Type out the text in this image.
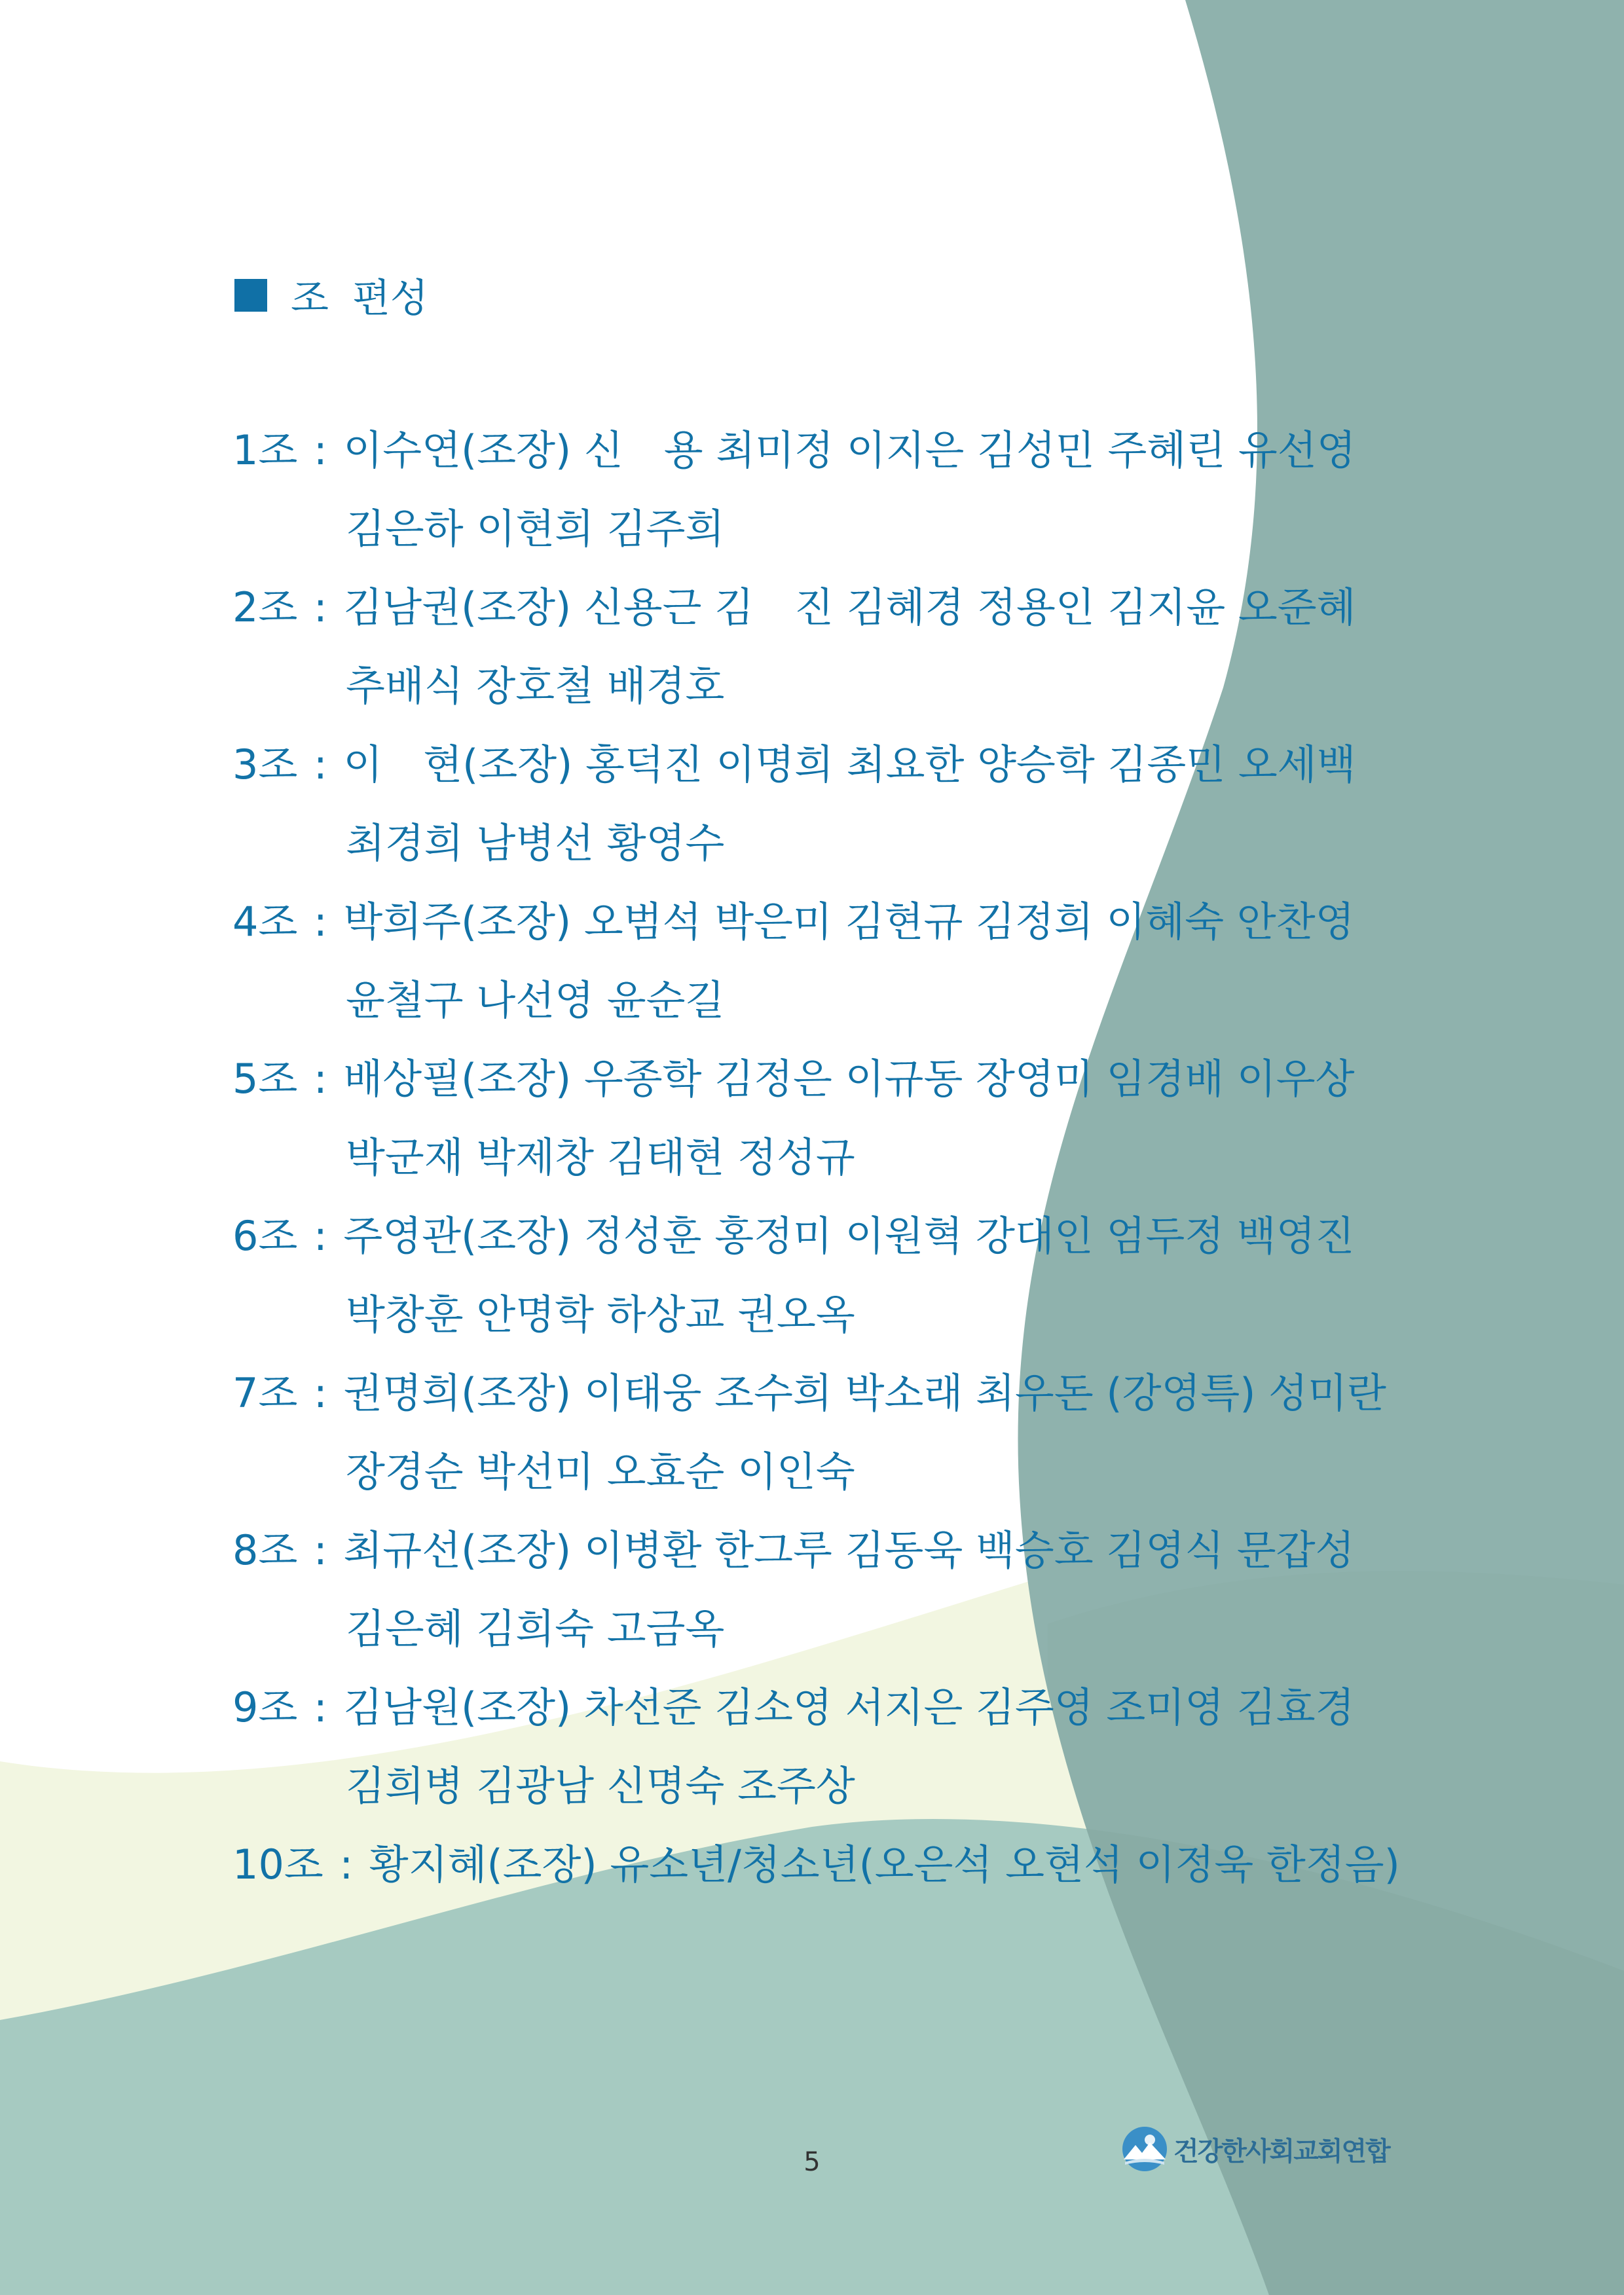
조 편성
1조 : 이수연(조장) 신　용 최미정 이지은 김성민 주혜린 유선영
김은하 이현희 김주희
2조 : 김남권(조장) 신용근 김　진 김혜경 정용인 김지윤 오준혜
추배식 장호철 배경호
3조 : 이　현(조장) 홍덕진 이명희 최요한 양승학 김종민 오세백
최경희 남병선 황영수
4조 : 박희주(조장) 오범석 박은미 김현규 김정희 이혜숙 안찬영
윤철구 나선영 윤순길
5조 : 배상필(조장) 우종학 김정은 이규동 장영미 임경배 이우상
박군재 박제창 김태현 정성규
6조 : 주영관(조장) 정성훈 홍정미 이원혁 강대인 엄두정 백영진
박창훈 안명학 하상교 권오옥
7조 : 권명희(조장) 이태웅 조수희 박소래 최우돈 (강영특) 성미란
장경순 박선미 오효순 이인숙
8조 : 최규선(조장) 이병환 한그루 김동욱 백승호 김영식 문갑성
김은혜 김희숙 고금옥
9조 : 김남원(조장) 차선준 김소영 서지은 김주영 조미영 김효경
김희병 김광남 신명숙 조주상
10조 : 황지혜(조장) 유소년/청소년(오은석 오현석 이정욱 한정음)
5	건강한사회교회연합
